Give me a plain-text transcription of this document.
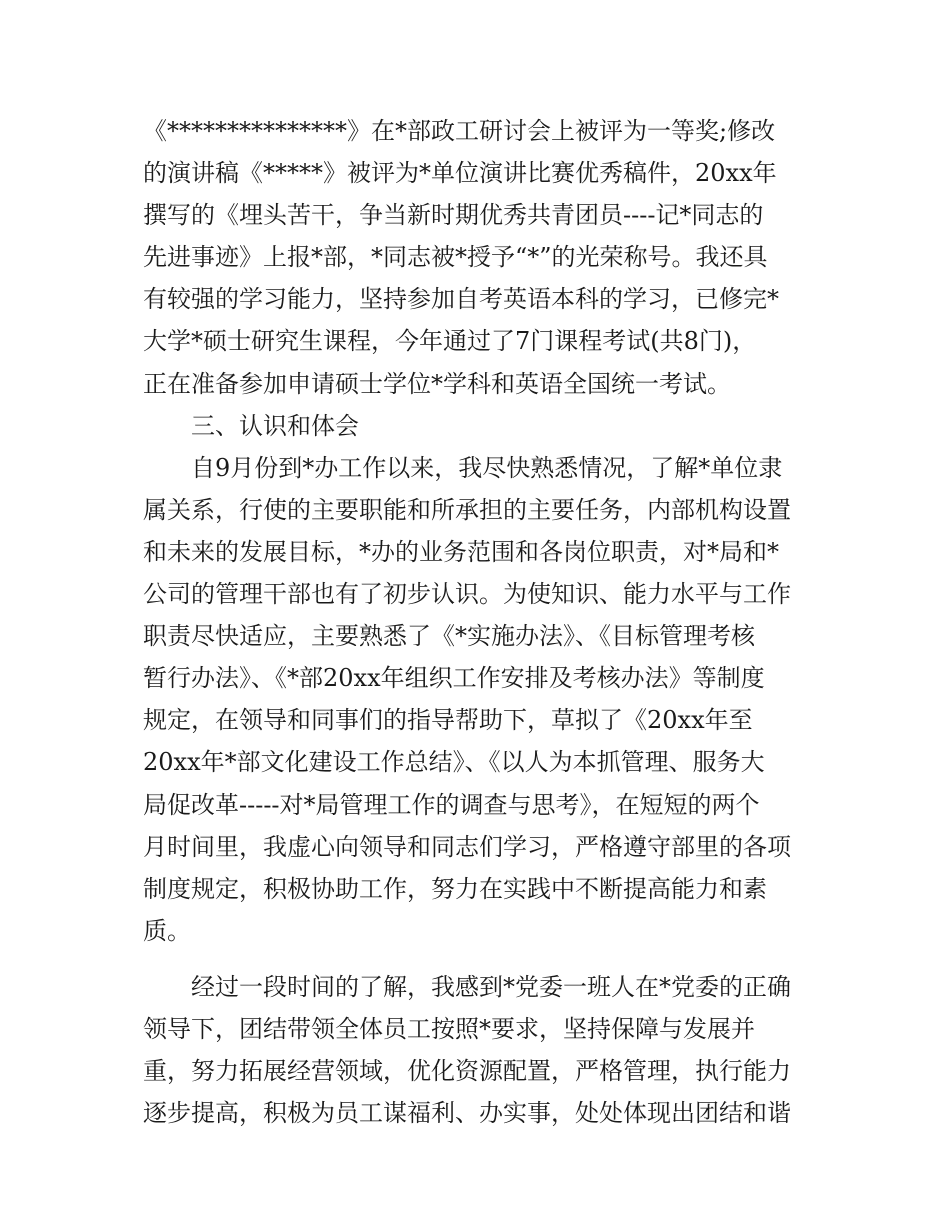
《***************》在*部政工研讨会上被评为一等奖;修改
的演讲稿《*****》被评为*单位演讲比赛优秀稿件，20xx年
撰写的《埋头苦干，争当新时期优秀共青团员----记*同志的
先进事迹》上报*部，*同志被*授予“*”的光荣称号。我还具
有较强的学习能力，坚持参加自考英语本科的学习，已修完*
大学*硕士研究生课程，今年通过了7门课程考试(共8门)，
正在准备参加申请硕士学位*学科和英语全国统一考试。
三、认识和体会
自9月份到*办工作以来，我尽快熟悉情况，了解*单位隶
属关系，行使的主要职能和所承担的主要任务，内部机构设置
和未来的发展目标，*办的业务范围和各岗位职责，对*局和*
公司的管理干部也有了初步认识。为使知识、能力水平与工作
职责尽快适应，主要熟悉了《*实施办法》、《目标管理考核
暂行办法》、《*部20xx年组织工作安排及考核办法》等制度
规定，在领导和同事们的指导帮助下，草拟了《20xx年至
20xx年*部文化建设工作总结》、《以人为本抓管理、服务大
局促改革-----对*局管理工作的调查与思考》，在短短的两个
月时间里，我虚心向领导和同志们学习，严格遵守部里的各项
制度规定，积极协助工作，努力在实践中不断提高能力和素
质。
经过一段时间的了解，我感到*党委一班人在*党委的正确
领导下，团结带领全体员工按照*要求，坚持保障与发展并
重，努力拓展经营领域，优化资源配置，严格管理，执行能力
逐步提高，积极为员工谋福利、办实事，处处体现出团结和谐
